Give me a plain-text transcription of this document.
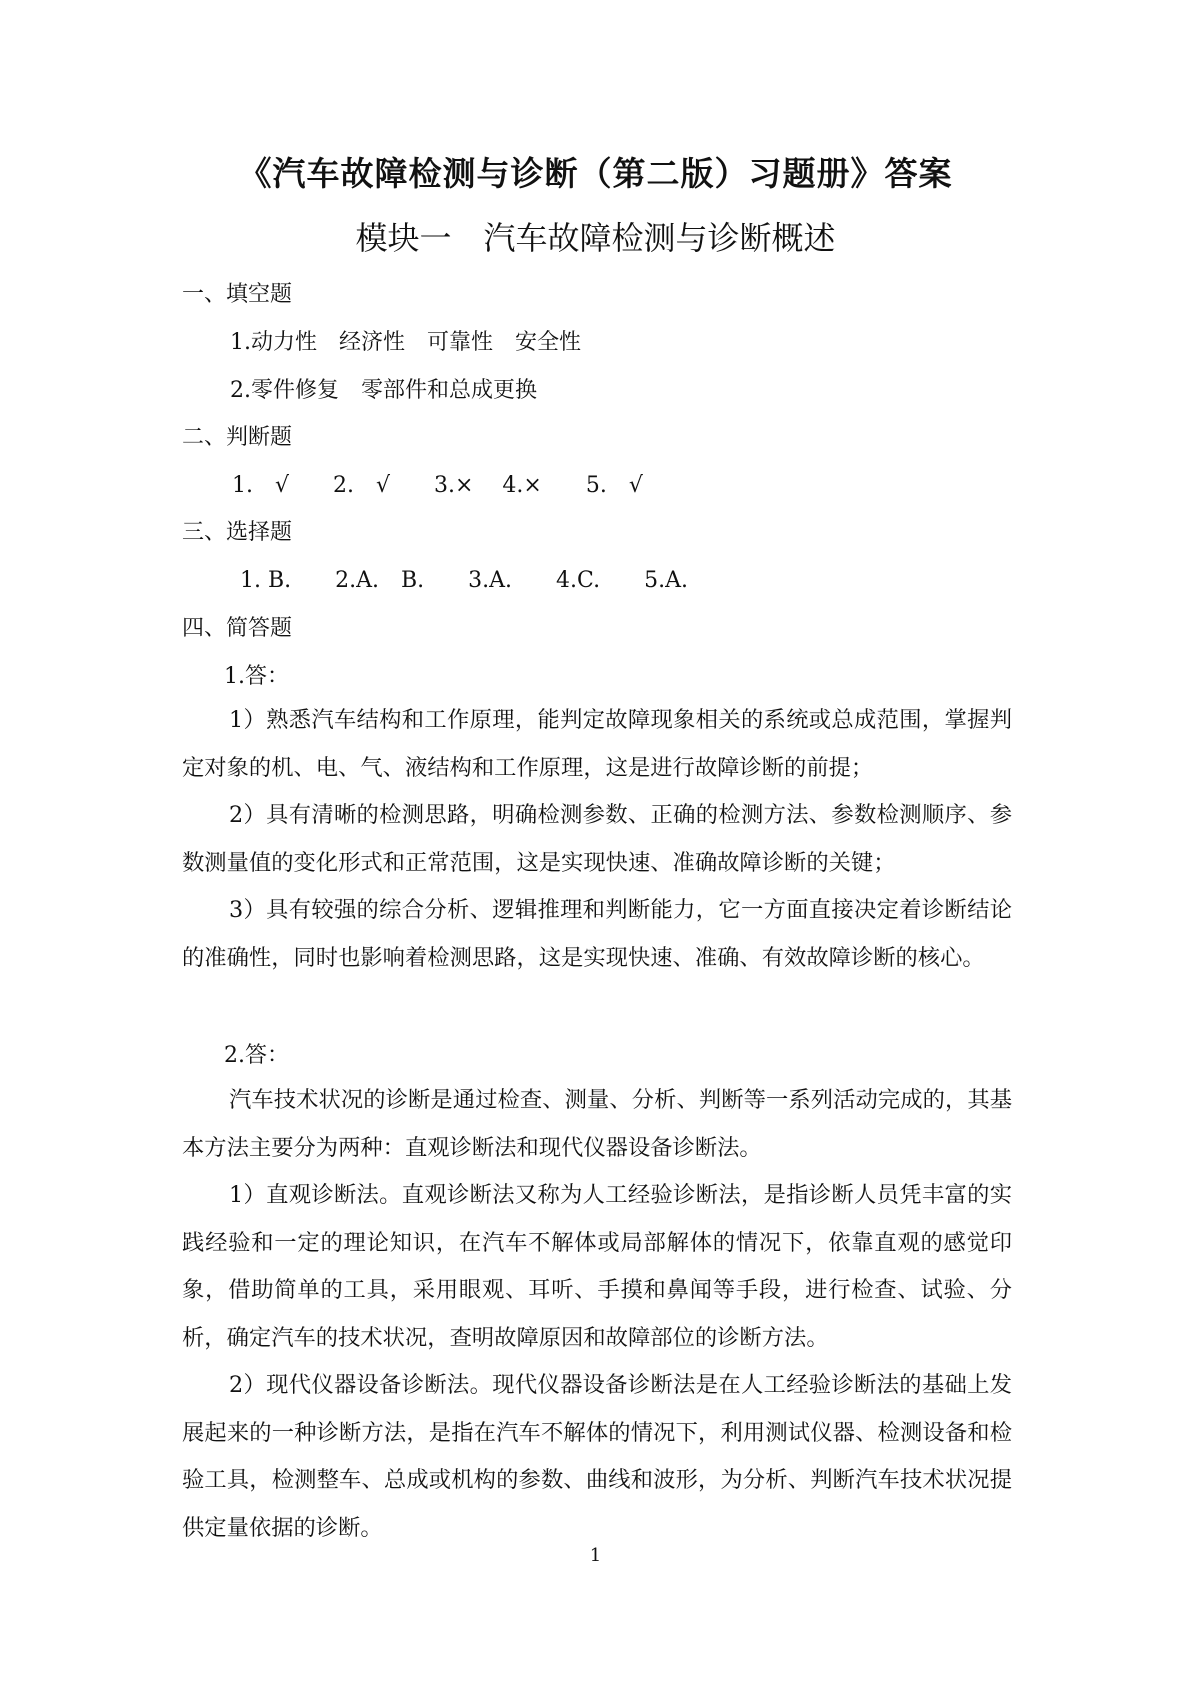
《汽车故障检测与诊断（第二版）习题册》答案
模块一　汽车故障检测与诊断概述
一、填空题
1.动力性　经济性　可靠性　安全性
2.零件修复　零部件和总成更换
二、判断题
1.　√　　2.　√　　3.×　 4.×　　5.　√
三、选择题
1. B.　　2.A.　B.　　3.A.　　4.C.　　5.A.
四、简答题
1.答：
1）熟悉汽车结构和工作原理，能判定故障现象相关的系统或总成范围，掌握判定对象的机、电、气、液结构和工作原理，这是进行故障诊断的前提；
2）具有清晰的检测思路，明确检测参数、正确的检测方法、参数检测顺序、参数测量值的变化形式和正常范围，这是实现快速、准确故障诊断的关键；
3）具有较强的综合分析、逻辑推理和判断能力，它一方面直接决定着诊断结论的准确性，同时也影响着检测思路，这是实现快速、准确、有效故障诊断的核心。
2.答：
汽车技术状况的诊断是通过检查、测量、分析、判断等一系列活动完成的，其基本方法主要分为两种：直观诊断法和现代仪器设备诊断法。
1）直观诊断法。直观诊断法又称为人工经验诊断法，是指诊断人员凭丰富的实践经验和一定的理论知识，在汽车不解体或局部解体的情况下，依靠直观的感觉印象，借助简单的工具，采用眼观、耳听、手摸和鼻闻等手段，进行检查、试验、分析，确定汽车的技术状况，查明故障原因和故障部位的诊断方法。
2）现代仪器设备诊断法。现代仪器设备诊断法是在人工经验诊断法的基础上发展起来的一种诊断方法，是指在汽车不解体的情况下，利用测试仪器、检测设备和检验工具，检测整车、总成或机构的参数、曲线和波形，为分析、判断汽车技术状况提供定量依据的诊断。
1
